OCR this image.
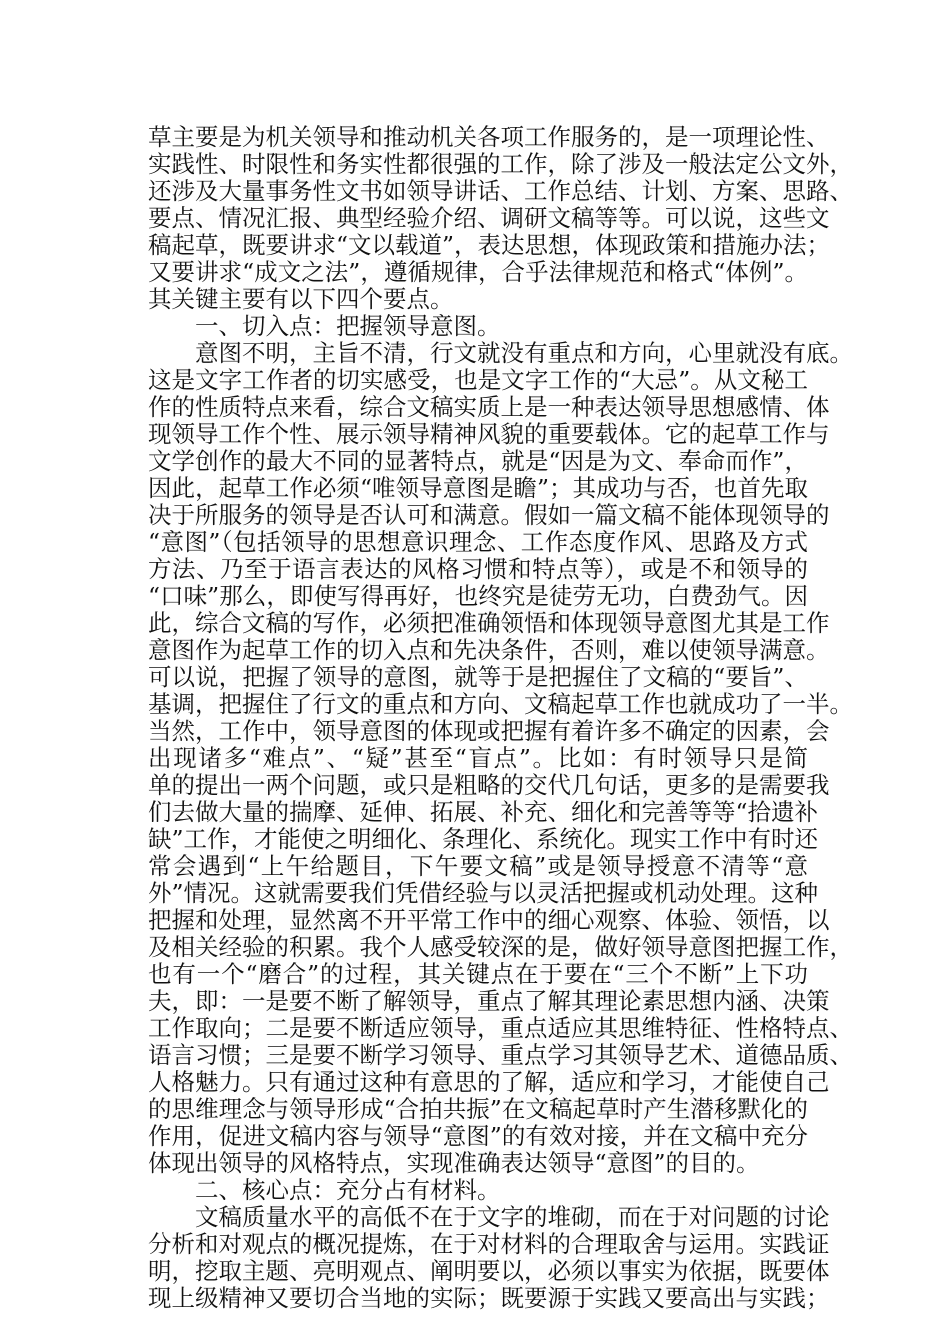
草主要是为机关领导和推动机关各项工作服务的，是一项理论性、
实践性、时限性和务实性都很强的工作，除了涉及一般法定公文外，
还涉及大量事务性文书如领导讲话、工作总结、计划、方案、思路、
要点、情况汇报、典型经验介绍、调研文稿等等。可以说，这些文
稿起草，既要讲求“文以载道”，表达思想，体现政策和措施办法；
又要讲求“成文之法”，遵循规律，合乎法律规范和格式“体例”。
其关键主要有以下四个要点。
一、切入点：把握领导意图。
意图不明，主旨不清，行文就没有重点和方向，心里就没有底。
这是文字工作者的切实感受，也是文字工作的“大忌”。从文秘工
作的性质特点来看，综合文稿实质上是一种表达领导思想感情、体
现领导工作个性、展示领导精神风貌的重要载体。它的起草工作与
文学创作的最大不同的显著特点，就是“因是为文、奉命而作”，
因此，起草工作必须“唯领导意图是瞻”；其成功与否，也首先取
决于所服务的领导是否认可和满意。假如一篇文稿不能体现领导的
“意图”（包括领导的思想意识理念、工作态度作风、思路及方式
方法、乃至于语言表达的风格习惯和特点等），或是不和领导的
“口味”那么，即使写得再好，也终究是徒劳无功，白费劲气。因
此，综合文稿的写作，必须把准确领悟和体现领导意图尤其是工作
意图作为起草工作的切入点和先决条件，否则，难以使领导满意。
可以说，把握了领导的意图，就等于是把握住了文稿的“要旨”、
基调，把握住了行文的重点和方向、文稿起草工作也就成功了一半。
当然，工作中，领导意图的体现或把握有着许多不确定的因素，会
出现诸多“难点”、“疑”甚至“盲点”。比如：有时领导只是简
单的提出一两个问题，或只是粗略的交代几句话，更多的是需要我
们去做大量的揣摩、延伸、拓展、补充、细化和完善等等“拾遗补
缺”工作，才能使之明细化、条理化、系统化。现实工作中有时还
常会遇到“上午给题目，下午要文稿”或是领导授意不清等“意
外”情况。这就需要我们凭借经验与以灵活把握或机动处理。这种
把握和处理，显然离不开平常工作中的细心观察、体验、领悟，以
及相关经验的积累。我个人感受较深的是，做好领导意图把握工作，
也有一个“磨合”的过程，其关键点在于要在“三个不断”上下功
夫，即：一是要不断了解领导，重点了解其理论素思想内涵、决策
工作取向；二是要不断适应领导，重点适应其思维特征、性格特点、
语言习惯；三是要不断学习领导、重点学习其领导艺术、道德品质、
人格魅力。只有通过这种有意思的了解，适应和学习，才能使自己
的思维理念与领导形成“合拍共振”在文稿起草时产生潜移默化的
作用，促进文稿内容与领导“意图”的有效对接，并在文稿中充分
体现出领导的风格特点，实现准确表达领导“意图”的目的。
二、核心点：充分占有材料。
文稿质量水平的高低不在于文字的堆砌，而在于对问题的讨论
分析和对观点的概况提炼，在于对材料的合理取舍与运用。实践证
明，挖取主题、亮明观点、阐明要以，必须以事实为依据，既要体
现上级精神又要切合当地的实际；既要源于实践又要高出与实践；
